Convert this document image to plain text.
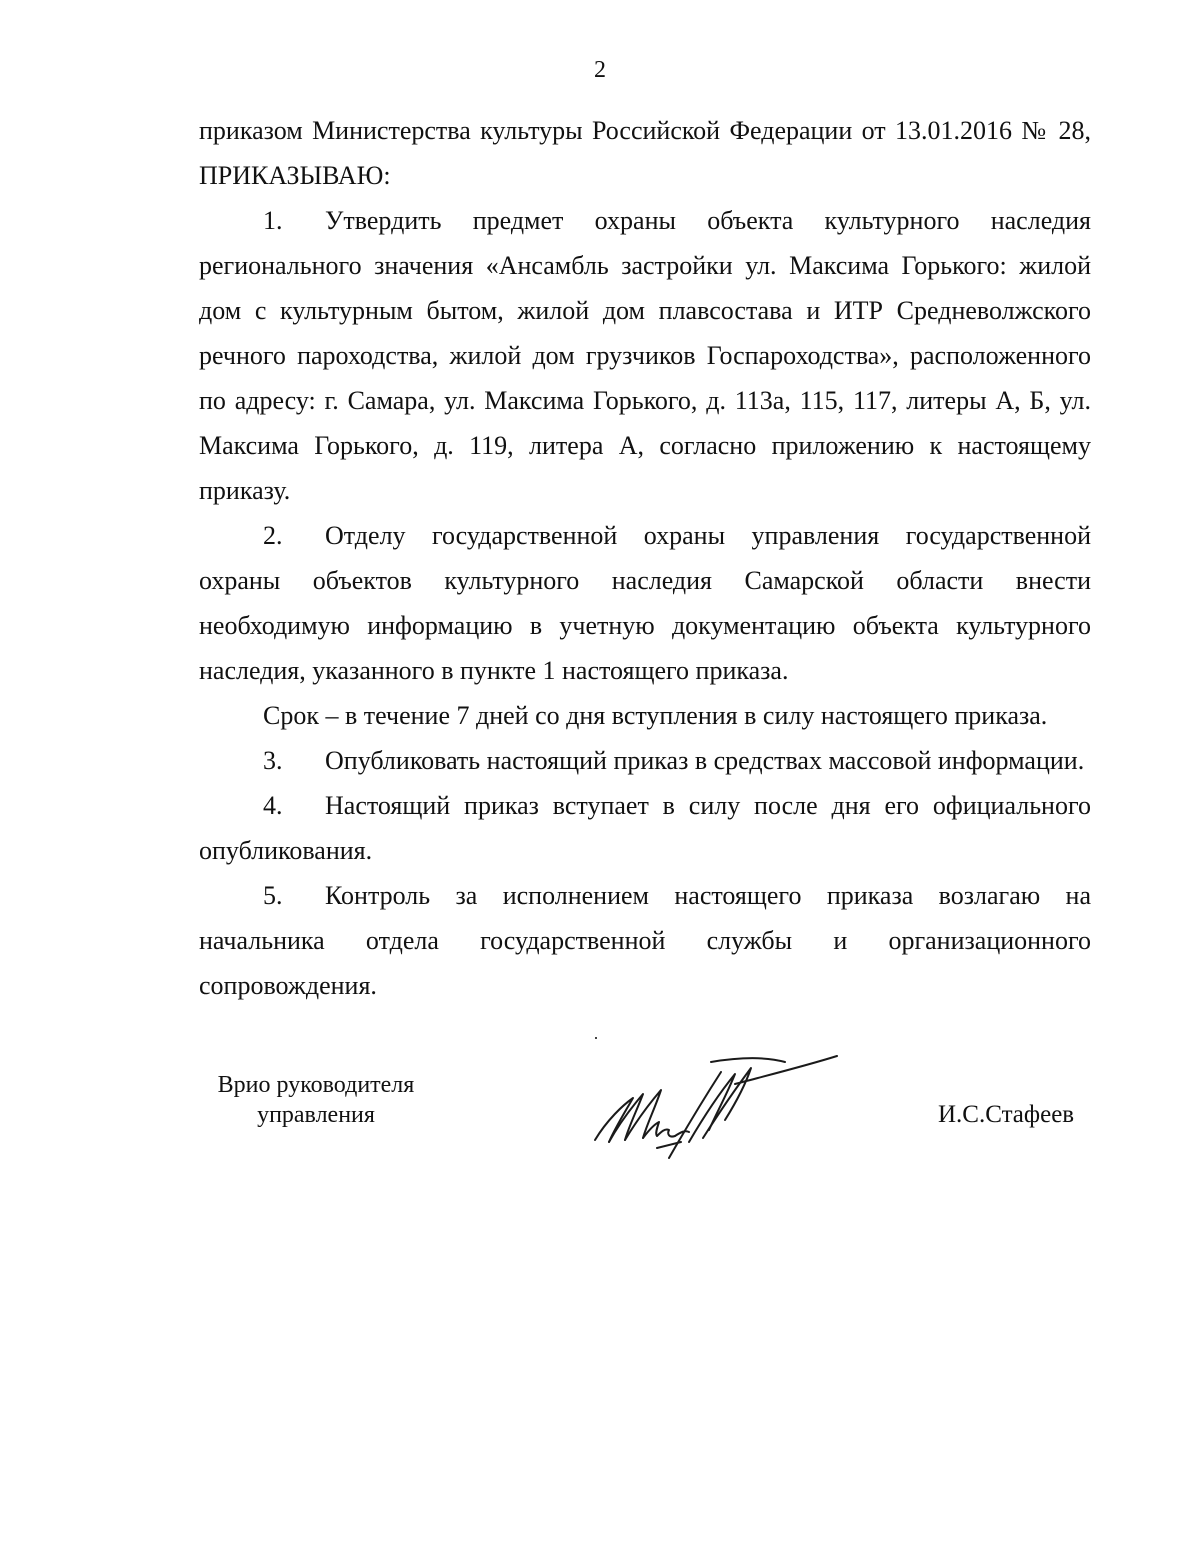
2

приказом Министерства культуры Российской Федерации от 13.01.2016 № 28,

ПРИКАЗЫВАЮ:

1. Утвердить предмет охраны объекта культурного наследия регионального значения «Ансамбль застройки ул. Максима Горького: жилой дом с культурным бытом, жилой дом плавсостава и ИТР Средневолжского речного пароходства, жилой дом грузчиков Госпароходства», расположенного по адресу: г. Самара, ул. Максима Горького, д. 113а, 115, 117, литеры А, Б, ул. Максима Горького, д. 119, литера А, согласно приложению к настоящему приказу.

2. Отделу государственной охраны управления государственной охраны объектов культурного наследия Самарской области внести необходимую информацию в учетную документацию объекта культурного наследия, указанного в пункте 1 настоящего приказа.

Срок – в течение 7 дней со дня вступления в силу настоящего приказа.

3. Опубликовать настоящий приказ в средствах массовой информации.

4. Настоящий приказ вступает в силу после дня его официального опубликования.

5. Контроль за исполнением настоящего приказа возлагаю на начальника отдела государственной службы и организационного сопровождения.

Врио руководителя
управления	И.С.Стафеев
